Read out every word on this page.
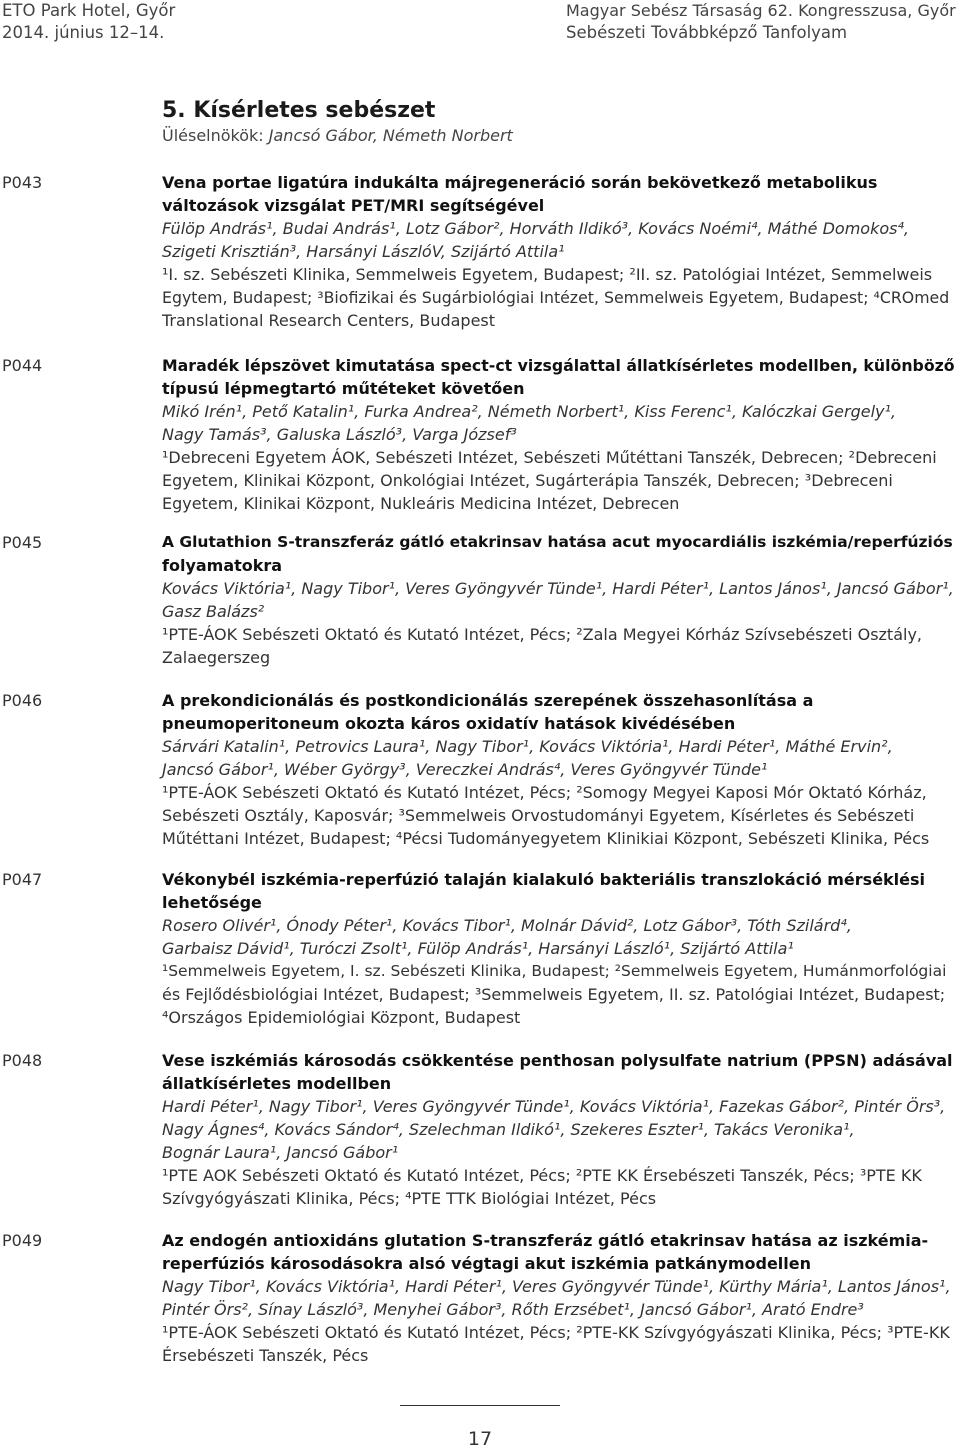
ETO Park Hotel, Győr
2014. június 12–14.
Magyar Sebész Társaság 62. Kongresszusa, Győr
Sebészeti Továbbképző Tanfolyam
5. Kísérletes sebészet
Üléselnökök: Jancsó Gábor, Németh Norbert
P043	Vena portae ligatúra indukálta májregeneráció során bekövetkező metabolikus
változások vizsgálat PET/MRI segítségével
Fülöp András¹, Budai András¹, Lotz Gábor², Horváth Ildikó³, Kovács Noémi⁴, Máthé Domokos⁴,
Szigeti Krisztián³, Harsányi LászlóV, Szijártó Attila¹
¹I. sz. Sebészeti Klinika, Semmelweis Egyetem, Budapest; ²II. sz. Patológiai Intézet, Semmelweis
Egytem, Budapest; ³Biofizikai és Sugárbiológiai Intézet, Semmelweis Egyetem, Budapest; ⁴CROmed
Translational Research Centers, Budapest
P044	Maradék lépszövet kimutatása spect-ct vizsgálattal állatkísérletes modellben, különböző
típusú lépmegtartó műtéteket követően
Mikó Irén¹, Pető Katalin¹, Furka Andrea², Németh Norbert¹, Kiss Ferenc¹, Kalóczkai Gergely¹,
Nagy Tamás³, Galuska László³, Varga József³
¹Debreceni Egyetem ÁOK, Sebészeti Intézet, Sebészeti Műtéttani Tanszék, Debrecen; ²Debreceni
Egyetem, Klinikai Központ, Onkológiai Intézet, Sugárterápia Tanszék, Debrecen; ³Debreceni
Egyetem, Klinikai Központ, Nukleáris Medicina Intézet, Debrecen
P045	A Glutathion S-transzferáz gátló etakrinsav hatása acut myocardiális iszkémia/reperfúziós
folyamatokra
Kovács Viktória¹, Nagy Tibor¹, Veres Gyöngyvér Tünde¹, Hardi Péter¹, Lantos János¹, Jancsó Gábor¹,
Gasz Balázs²
¹PTE-ÁOK Sebészeti Oktató és Kutató Intézet, Pécs; ²Zala Megyei Kórház Szívsebészeti Osztály,
Zalaegerszeg
P046	A prekondicionálás és postkondicionálás szerepének összehasonlítása a
pneumoperitoneum okozta káros oxidatív hatások kivédésében
Sárvári Katalin¹, Petrovics Laura¹, Nagy Tibor¹, Kovács Viktória¹, Hardi Péter¹, Máthé Ervin²,
Jancsó Gábor¹, Wéber György³, Vereczkei András⁴, Veres Gyöngyvér Tünde¹
¹PTE-ÁOK Sebészeti Oktató és Kutató Intézet, Pécs; ²Somogy Megyei Kaposi Mór Oktató Kórház,
Sebészeti Osztály, Kaposvár; ³Semmelweis Orvostudományi Egyetem, Kísérletes és Sebészeti
Műtéttani Intézet, Budapest; ⁴Pécsi Tudományegyetem Klinikiai Központ, Sebészeti Klinika, Pécs
P047	Vékonybél iszkémia-reperfúzió talaján kialakuló bakteriális transzlokáció mérséklési
lehetősége
Rosero Olivér¹, Ónody Péter¹, Kovács Tibor¹, Molnár Dávid², Lotz Gábor³, Tóth Szilárd⁴,
Garbaisz Dávid¹, Turóczi Zsolt¹, Fülöp András¹, Harsányi László¹, Szijártó Attila¹
¹Semmelweis Egyetem, I. sz. Sebészeti Klinika, Budapest; ²Semmelweis Egyetem, Humánmorfológiai
és Fejlődésbiológiai Intézet, Budapest; ³Semmelweis Egyetem, II. sz. Patológiai Intézet, Budapest;
⁴Országos Epidemiológiai Központ, Budapest
P048	Vese iszkémiás károsodás csökkentése penthosan polysulfate natrium (PPSN) adásával
állatkísérletes modellben
Hardi Péter¹, Nagy Tibor¹, Veres Gyöngyvér Tünde¹, Kovács Viktória¹, Fazekas Gábor², Pintér Örs³,
Nagy Ágnes⁴, Kovács Sándor⁴, Szelechman Ildikó¹, Szekeres Eszter¹, Takács Veronika¹,
Bognár Laura¹, Jancsó Gábor¹
¹PTE AOK Sebészeti Oktató és Kutató Intézet, Pécs; ²PTE KK Érsebészeti Tanszék, Pécs; ³PTE KK
Szívgyógyászati Klinika, Pécs; ⁴PTE TTK Biológiai Intézet, Pécs
P049	Az endogén antioxidáns glutation S-transzferáz gátló etakrinsav hatása az iszkémia-
reperfúziós károsodásokra alsó végtagi akut iszkémia patkánymodellen
Nagy Tibor¹, Kovács Viktória¹, Hardi Péter¹, Veres Gyöngyvér Tünde¹, Kürthy Mária¹, Lantos János¹,
Pintér Örs², Sínay László³, Menyhei Gábor³, Rőth Erzsébet¹, Jancsó Gábor¹, Arató Endre³
¹PTE-ÁOK Sebészeti Oktató és Kutató Intézet, Pécs; ²PTE-KK Szívgyógyászati Klinika, Pécs; ³PTE-KK
Érsebészeti Tanszék, Pécs
17
